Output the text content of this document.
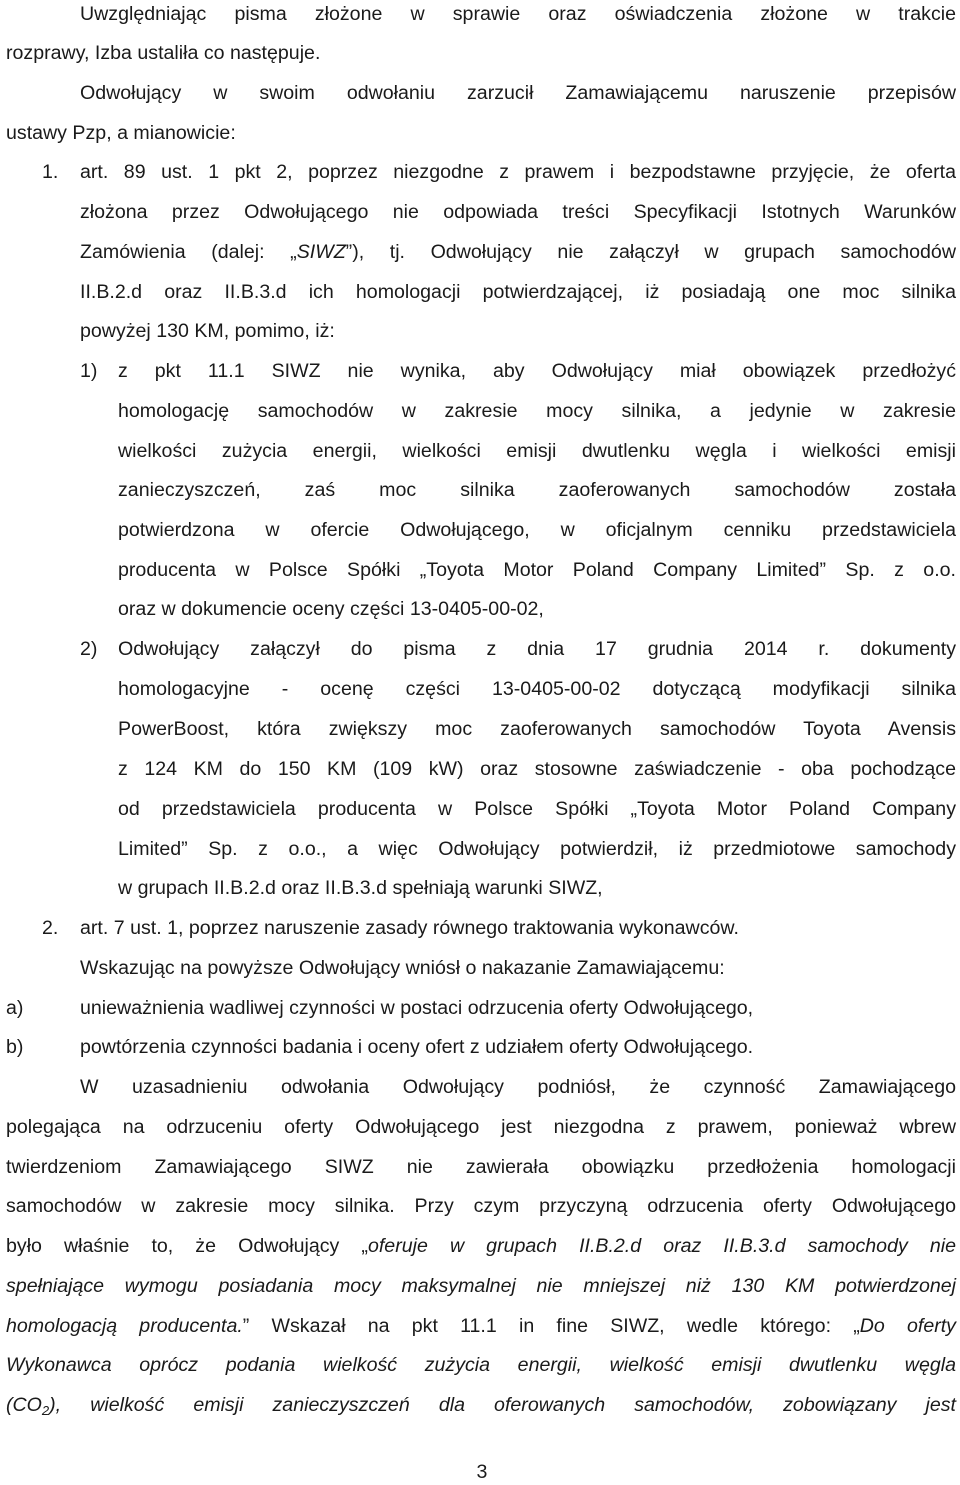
Uwzględniając pisma złożone w sprawie oraz oświadczenia złożone w trakcie
rozprawy, Izba ustaliła co następuje.
Odwołujący w swoim odwołaniu zarzucił Zamawiającemu naruszenie przepisów
ustawy Pzp, a mianowicie:
1. art. 89 ust. 1 pkt 2, poprzez niezgodne z prawem i bezpodstawne przyjęcie, że oferta
złożona przez Odwołującego nie odpowiada treści Specyfikacji Istotnych Warunków
Zamówienia (dalej: „SIWZ”), tj. Odwołujący nie załączył w grupach samochodów
II.B.2.d oraz II.B.3.d ich homologacji potwierdzającej, iż posiadają one moc silnika
powyżej 130 KM, pomimo, iż:
1) z pkt 11.1 SIWZ nie wynika, aby Odwołujący miał obowiązek przedłożyć
homologację samochodów w zakresie mocy silnika, a jedynie w zakresie
wielkości zużycia energii, wielkości emisji dwutlenku węgla i wielkości emisji
zanieczyszczeń, zaś moc silnika zaoferowanych samochodów została
potwierdzona w ofercie Odwołującego, w oficjalnym cenniku przedstawiciela
producenta w Polsce Spółki „Toyota Motor Poland Company Limited” Sp. z o.o.
oraz w dokumencie oceny części 13-0405-00-02,
2) Odwołujący załączył do pisma z dnia 17 grudnia 2014 r. dokumenty
homologacyjne - ocenę części 13-0405-00-02 dotyczącą modyfikacji silnika
PowerBoost, która zwiększy moc zaoferowanych samochodów Toyota Avensis
z 124 KM do 150 KM (109 kW) oraz stosowne zaświadczenie - oba pochodzące
od przedstawiciela producenta w Polsce Spółki „Toyota Motor Poland Company
Limited” Sp. z o.o., a więc Odwołujący potwierdził, iż przedmiotowe samochody
w grupach II.B.2.d oraz II.B.3.d spełniają warunki SIWZ,
2. art. 7 ust. 1, poprzez naruszenie zasady równego traktowania wykonawców.
Wskazując na powyższe Odwołujący wniósł o nakazanie Zamawiającemu:
a)	unieważnienia wadliwej czynności w postaci odrzucenia oferty Odwołującego,
b)	powtórzenia czynności badania i oceny ofert z udziałem oferty Odwołującego.
W uzasadnieniu odwołania Odwołujący podniósł, że czynność Zamawiającego
polegająca na odrzuceniu oferty Odwołującego jest niezgodna z prawem, ponieważ wbrew
twierdzeniom Zamawiającego SIWZ nie zawierała obowiązku przedłożenia homologacji
samochodów w zakresie mocy silnika. Przy czym przyczyną odrzucenia oferty Odwołującego
było właśnie to, że Odwołujący „oferuje w grupach II.B.2.d oraz II.B.3.d samochody nie
spełniające wymogu posiadania mocy maksymalnej nie mniejszej niż 130 KM potwierdzonej
homologacją producenta.” Wskazał na pkt 11.1 in fine SIWZ, wedle którego: „Do oferty
Wykonawca oprócz podania wielkość zużycia energii, wielkość emisji dwutlenku węgla
$(CO_2)$, wielkość emisji zanieczyszczeń dla oferowanych samochodów, zobowiązany jest
3
